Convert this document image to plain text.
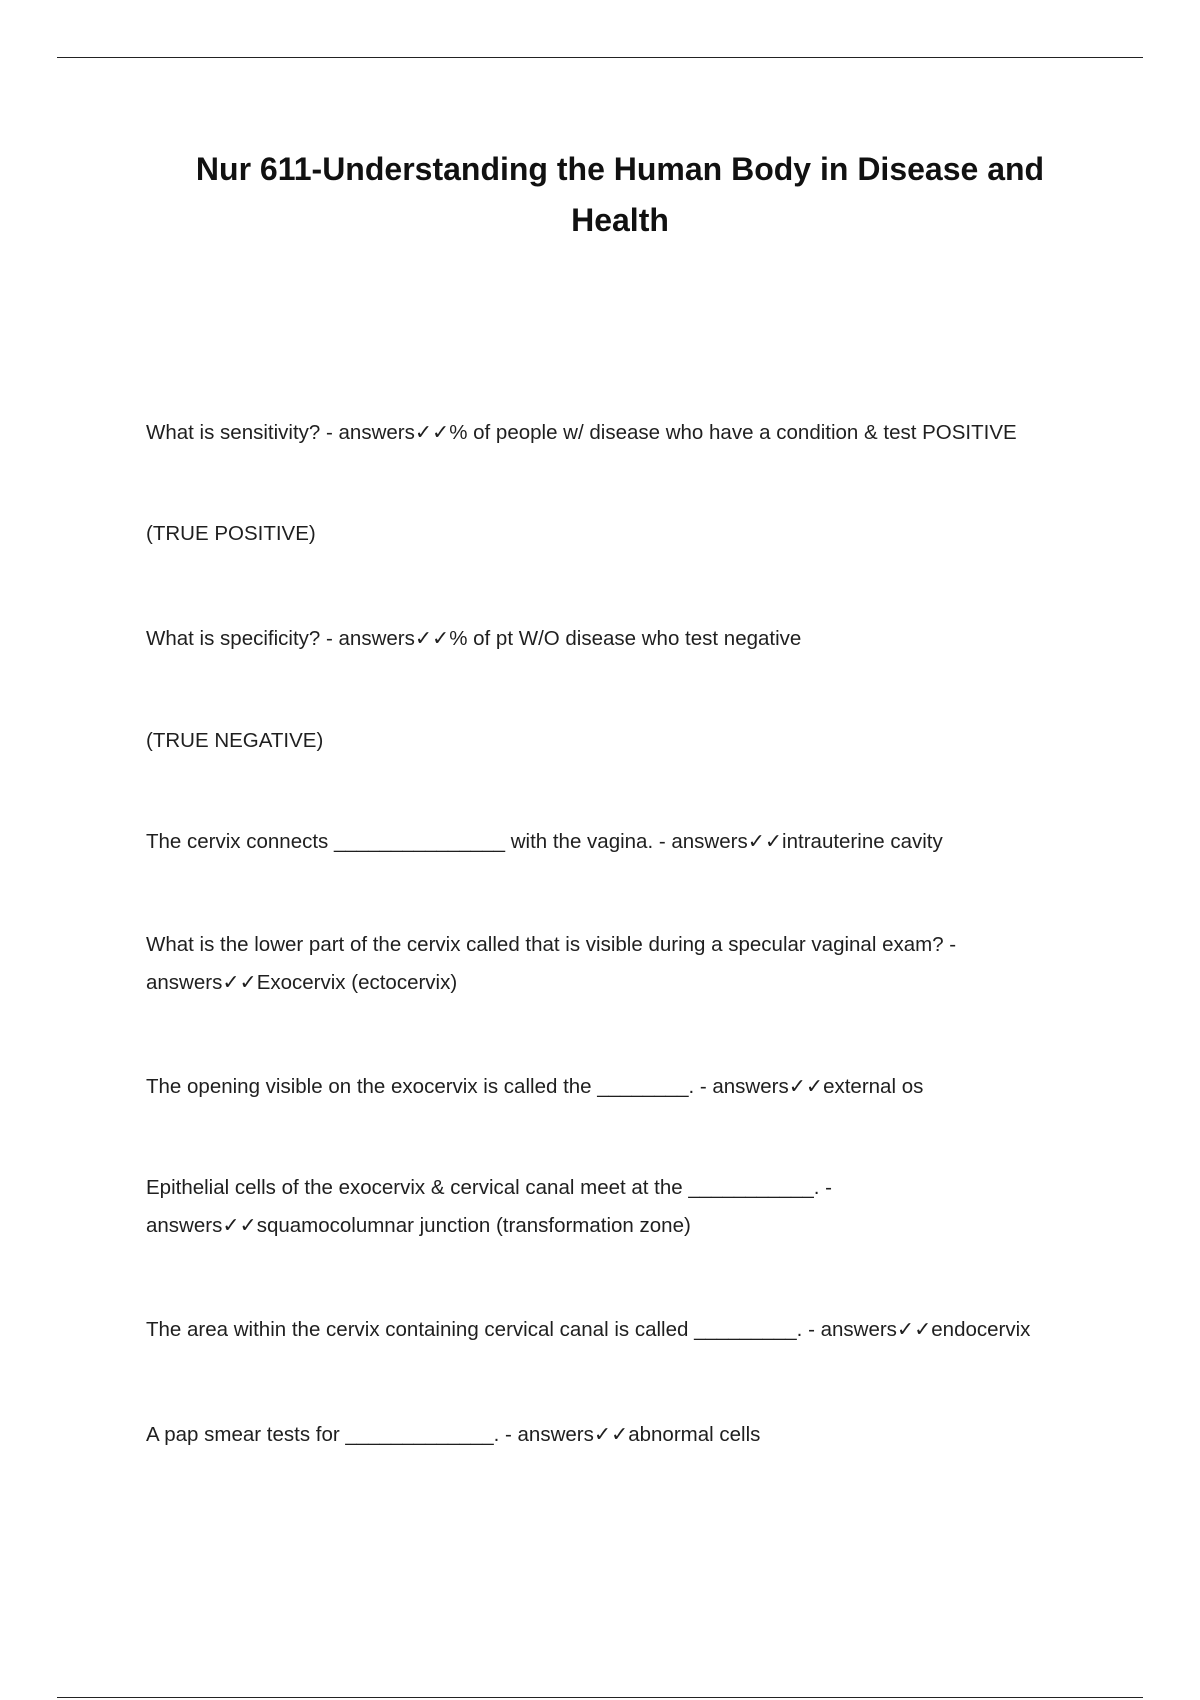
Nur 611-Understanding the Human Body in Disease and Health

What is sensitivity? - answers✓✓% of people w/ disease who have a condition & test POSITIVE

(TRUE POSITIVE)

What is specificity? - answers✓✓% of pt W/O disease who test negative

(TRUE NEGATIVE)

The cervix connects _______________ with the vagina. - answers✓✓intrauterine cavity

What is the lower part of the cervix called that is visible during a specular vaginal exam? - answers✓✓Exocervix (ectocervix)

The opening visible on the exocervix is called the ________. - answers✓✓external os

Epithelial cells of the exocervix & cervical canal meet at the ___________. - answers✓✓squamocolumnar junction (transformation zone)

The area within the cervix containing cervical canal is called _________. - answers✓✓endocervix

A pap smear tests for _____________. - answers✓✓abnormal cells
